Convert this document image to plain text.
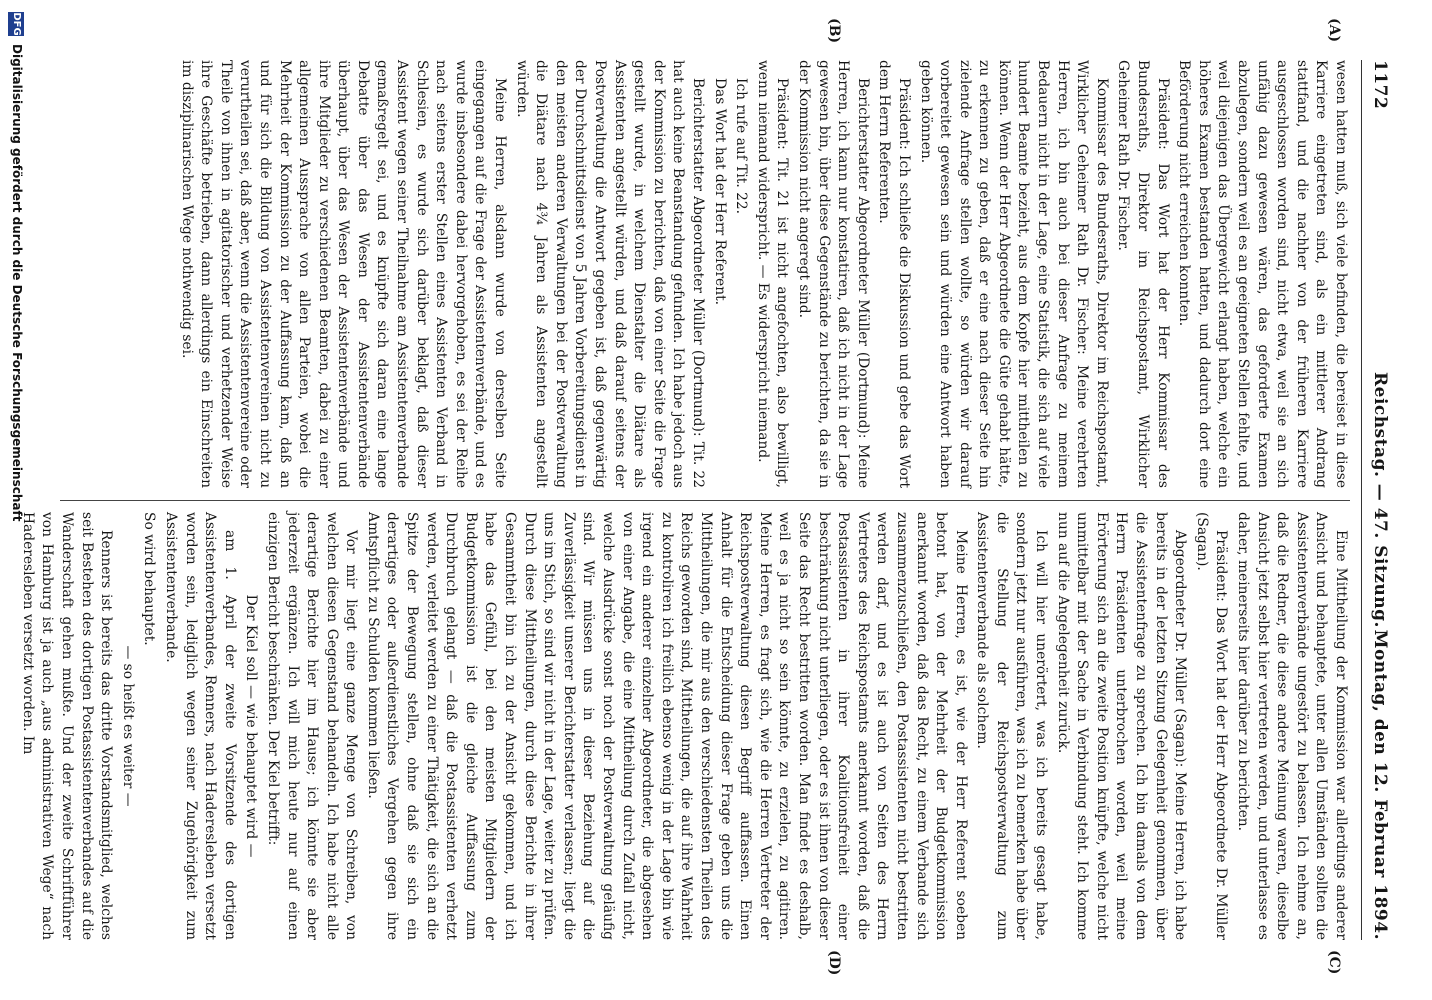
(A)
(B)
(C)
(D)
1172
Reichstag. — 47. Sitzung.
Montag, den 12. Februar 1894.

wesen hatten muß, sich viele befinden, die bereiset in diese Karriere eingetreten sind, als ein mittlerer Andrang stattfand, und die nachher von der früheren Karriere ausgeschlossen worden sind, nicht etwa, weil sie an sich unfähig dazu gewesen wären, das geforderte Examen abzulegen, sondern weil es an geeigneten Stellen fehlte, und weil diejenigen das Übergewicht erlangt haben, welche ein höheres Examen bestanden hatten, und dadurch dort eine Beförderung nicht erreichen konnten.

Präsident: Das Wort hat der Herr Kommissar des Bundesraths, Direktor im Reichspostamt, Wirklicher Geheimer Rath Dr. Fischer.

Kommissar des Bundesraths, Direktor im Reichspostamt, Wirklicher Geheimer Rath Dr. Fischer: Meine verehrten Herren, ich bin auch bei dieser Anfrage zu meinem Bedauern nicht in der Lage, eine Statistik, die sich auf viele hundert Beamte bezieht, aus dem Kopfe hier mittheilen zu können. Wenn der Herr Abgeordnete die Güte gehabt hätte, zu erkennen zu geben, daß er eine nach dieser Seite hin zielende Anfrage stellen wollte, so würden wir darauf vorbereitet gewesen sein und würden eine Antwort haben geben können.

Präsident: Ich schließe die Diskussion und gebe das Wort dem Herrn Referenten.

Berichterstatter Abgeordneter Müller (Dortmund): Meine Herren, ich kann nur konstatiren, daß ich nicht in der Lage gewesen bin, über diese Gegenstände zu berichten, da sie in der Kommission nicht angeregt sind.

Präsident: Tit. 21 ist nicht angefochten, also bewilligt, wenn niemand widerspricht. — Es widerspricht niemand.

Ich rufe auf Tit. 22.

Das Wort hat der Herr Referent.

Berichterstatter Abgeordneter Müller (Dortmund): Tit. 22 hat auch keine Beanstandung gefunden. Ich habe jedoch aus der Kommission zu berichten, daß von einer Seite die Frage gestellt wurde, in welchem Dienstalter die Diätare als Assistenten angestellt würden, und daß darauf seitens der Postverwaltung die Antwort gegeben ist, daß gegenwärtig der Durchschnittsdienst von 5 Jahren Vorbereitungsdienst in den meisten anderen Verwaltungen bei der Postverwaltung die Diätare nach 4¾ Jahren als Assistenten angestellt würden.

Meine Herren, alsdann wurde von derselben Seite eingegangen auf die Frage der Assistentenverbände, und es wurde insbesondere dabei hervorgehoben, es sei der Reihe nach seitens erster Stellen eines Assistenten Verband in Schlesien, es wurde sich darüber beklagt, daß dieser Assistent wegen seiner Theilnahme am Assistentenverbande gemaßregelt sei, und es knüpfte sich daran eine lange Debatte über das Wesen der Assistentenverbände überhaupt, über das Wesen der Assistentenverbände und ihre Mitglieder zu verschiedenen Beamten, dabei zu einer allgemeinen Aussprache von allen Parteien, wobei die Mehrheit der Kommission zu der Auffassung kam, daß an und für sich die Bildung von Assistentenvereinen nicht zu verurtheilen sei, daß aber, wenn die Assistentenvereine oder Theile von ihnen in agitatorischer und verhetzender Weise ihre Geschäfte betrieben, dann allerdings ein Einschreiten im disziplinarischen Wege nothwendig sei.

Eine Mittheilung der Kommission war allerdings anderer Ansicht und behauptete, unter allen Umständen sollten die Assistentenverbände ungestört zu belassen. Ich nehme an, daß die Redner, die diese andere Meinung waren, dieselbe Ansicht jetzt selbst hier vertreten werden, und unterlasse es daher, meinerseits hier darüber zu berichten.

Präsident: Das Wort hat der Herr Abgeordnete Dr. Müller (Sagan).

Abgeordneter Dr. Müller (Sagan): Meine Herren, ich habe bereits in der letzten Sitzung Gelegenheit genommen, über die Assistentenfrage zu sprechen. Ich bin damals von dem Herrn Präsidenten unterbrochen worden, weil meine Erörterung sich an die zweite Position knüpfte, welche nicht unmittelbar mit der Sache in Verbindung steht. Ich komme nun auf die Angelegenheit zurück.

Ich will hier unerörtert, was ich bereits gesagt habe, sondern jetzt nur ausführen, was ich zu bemerken habe über die Stellung der Reichspostverwaltung zum Assistentenverbande als solchem.

Meine Herren, es ist, wie der Herr Referent soeben betont hat, von der Mehrheit der Budgetkommission anerkannt worden, daß das Recht, zu einem Verbande sich zusammenzuschließen, den Postassistenten nicht bestritten werden darf, und es ist auch von Seiten des Herrn Vertreters des Reichspostamts anerkannt worden, daß die Postassistenten in ihrer Koalitionsfreiheit einer beschränkung nicht unterliegen, oder es ist ihnen von dieser Seite das Recht bestritten worden. Man findet es deshalb, weil es ja nicht so sein könnte, zu erzielen, zu agitiren. Meine Herren, es fragt sich, wie die Herren Vertreter der Reichspostverwaltung diesen Begriff auffassen. Einen Anhalt für die Entscheidung dieser Frage geben uns die Mittheilungen, die mir aus den verschiedensten Theilen des Reichs geworden sind, Mittheilungen, die auf ihre Wahrheit zu kontroliren ich freilich ebenso wenig in der Lage bin wie irgend ein anderer einzelner Abgeordneter, die abgesehen von einer Angabe, die eine Mittheilung durch Zufall nicht, welche Ausdrücke sonst noch der Postverwaltung geläufig sind. Wir müssen uns in dieser Beziehung auf die Zuverlässigkeit unserer Berichterstatter verlassen; liegt die uns im Stich, so sind wir nicht in der Lage, weiter zu prüfen. Durch diese Mittheilungen, durch diese Berichte in ihrer Gesammtheit bin ich zu der Ansicht gekommen, und ich habe das Gefühl, bei den meisten Mitgliedern der Budgetkommission ist die gleiche Auffassung zum Durchbruch gelangt — daß die Postassistenten verhetzt werden, verleitet werden zu einer Thätigkeit, die sich an die Spitze der Bewegung stellen, ohne daß sie sich ein derartiges oder außerdienstliches Vergehen gegen ihre Amtspflicht zu Schulden kommen ließen.

Vor mir liegt eine ganze Menge von Schreiben, von welchen diesen Gegenstand behandeln. Ich habe nicht alle derartige Berichte hier im Hause; ich könnte sie aber jederzeit ergänzen. Ich will mich heute nur auf einen einzigen Bericht beschränken. Der Kiel betrifft:

Der Kiel soll — wie behauptet wird —

am 1. April der zweite Vorsitzende des dortigen Assistentenverbandes, Renners, nach Haderesleben versetzt worden sein, lediglich wegen seiner Zugehörigkeit zum Assistentenverbande.

So wird behauptet.

— so heißt es weiter —

Renners ist bereits das dritte Vorstandsmitglied, welches seit Bestehen des dortigen Postassistentenverbandes auf die Wanderschaft gehen mußte. Und der zweite Schriftführer von Hamburg ist ja auch „aus administrativen Wege“ nach Haderesleben versetzt worden. Im

DFG
Digitalisierung gefördert durch die Deutsche Forschungsgemeinschaft
